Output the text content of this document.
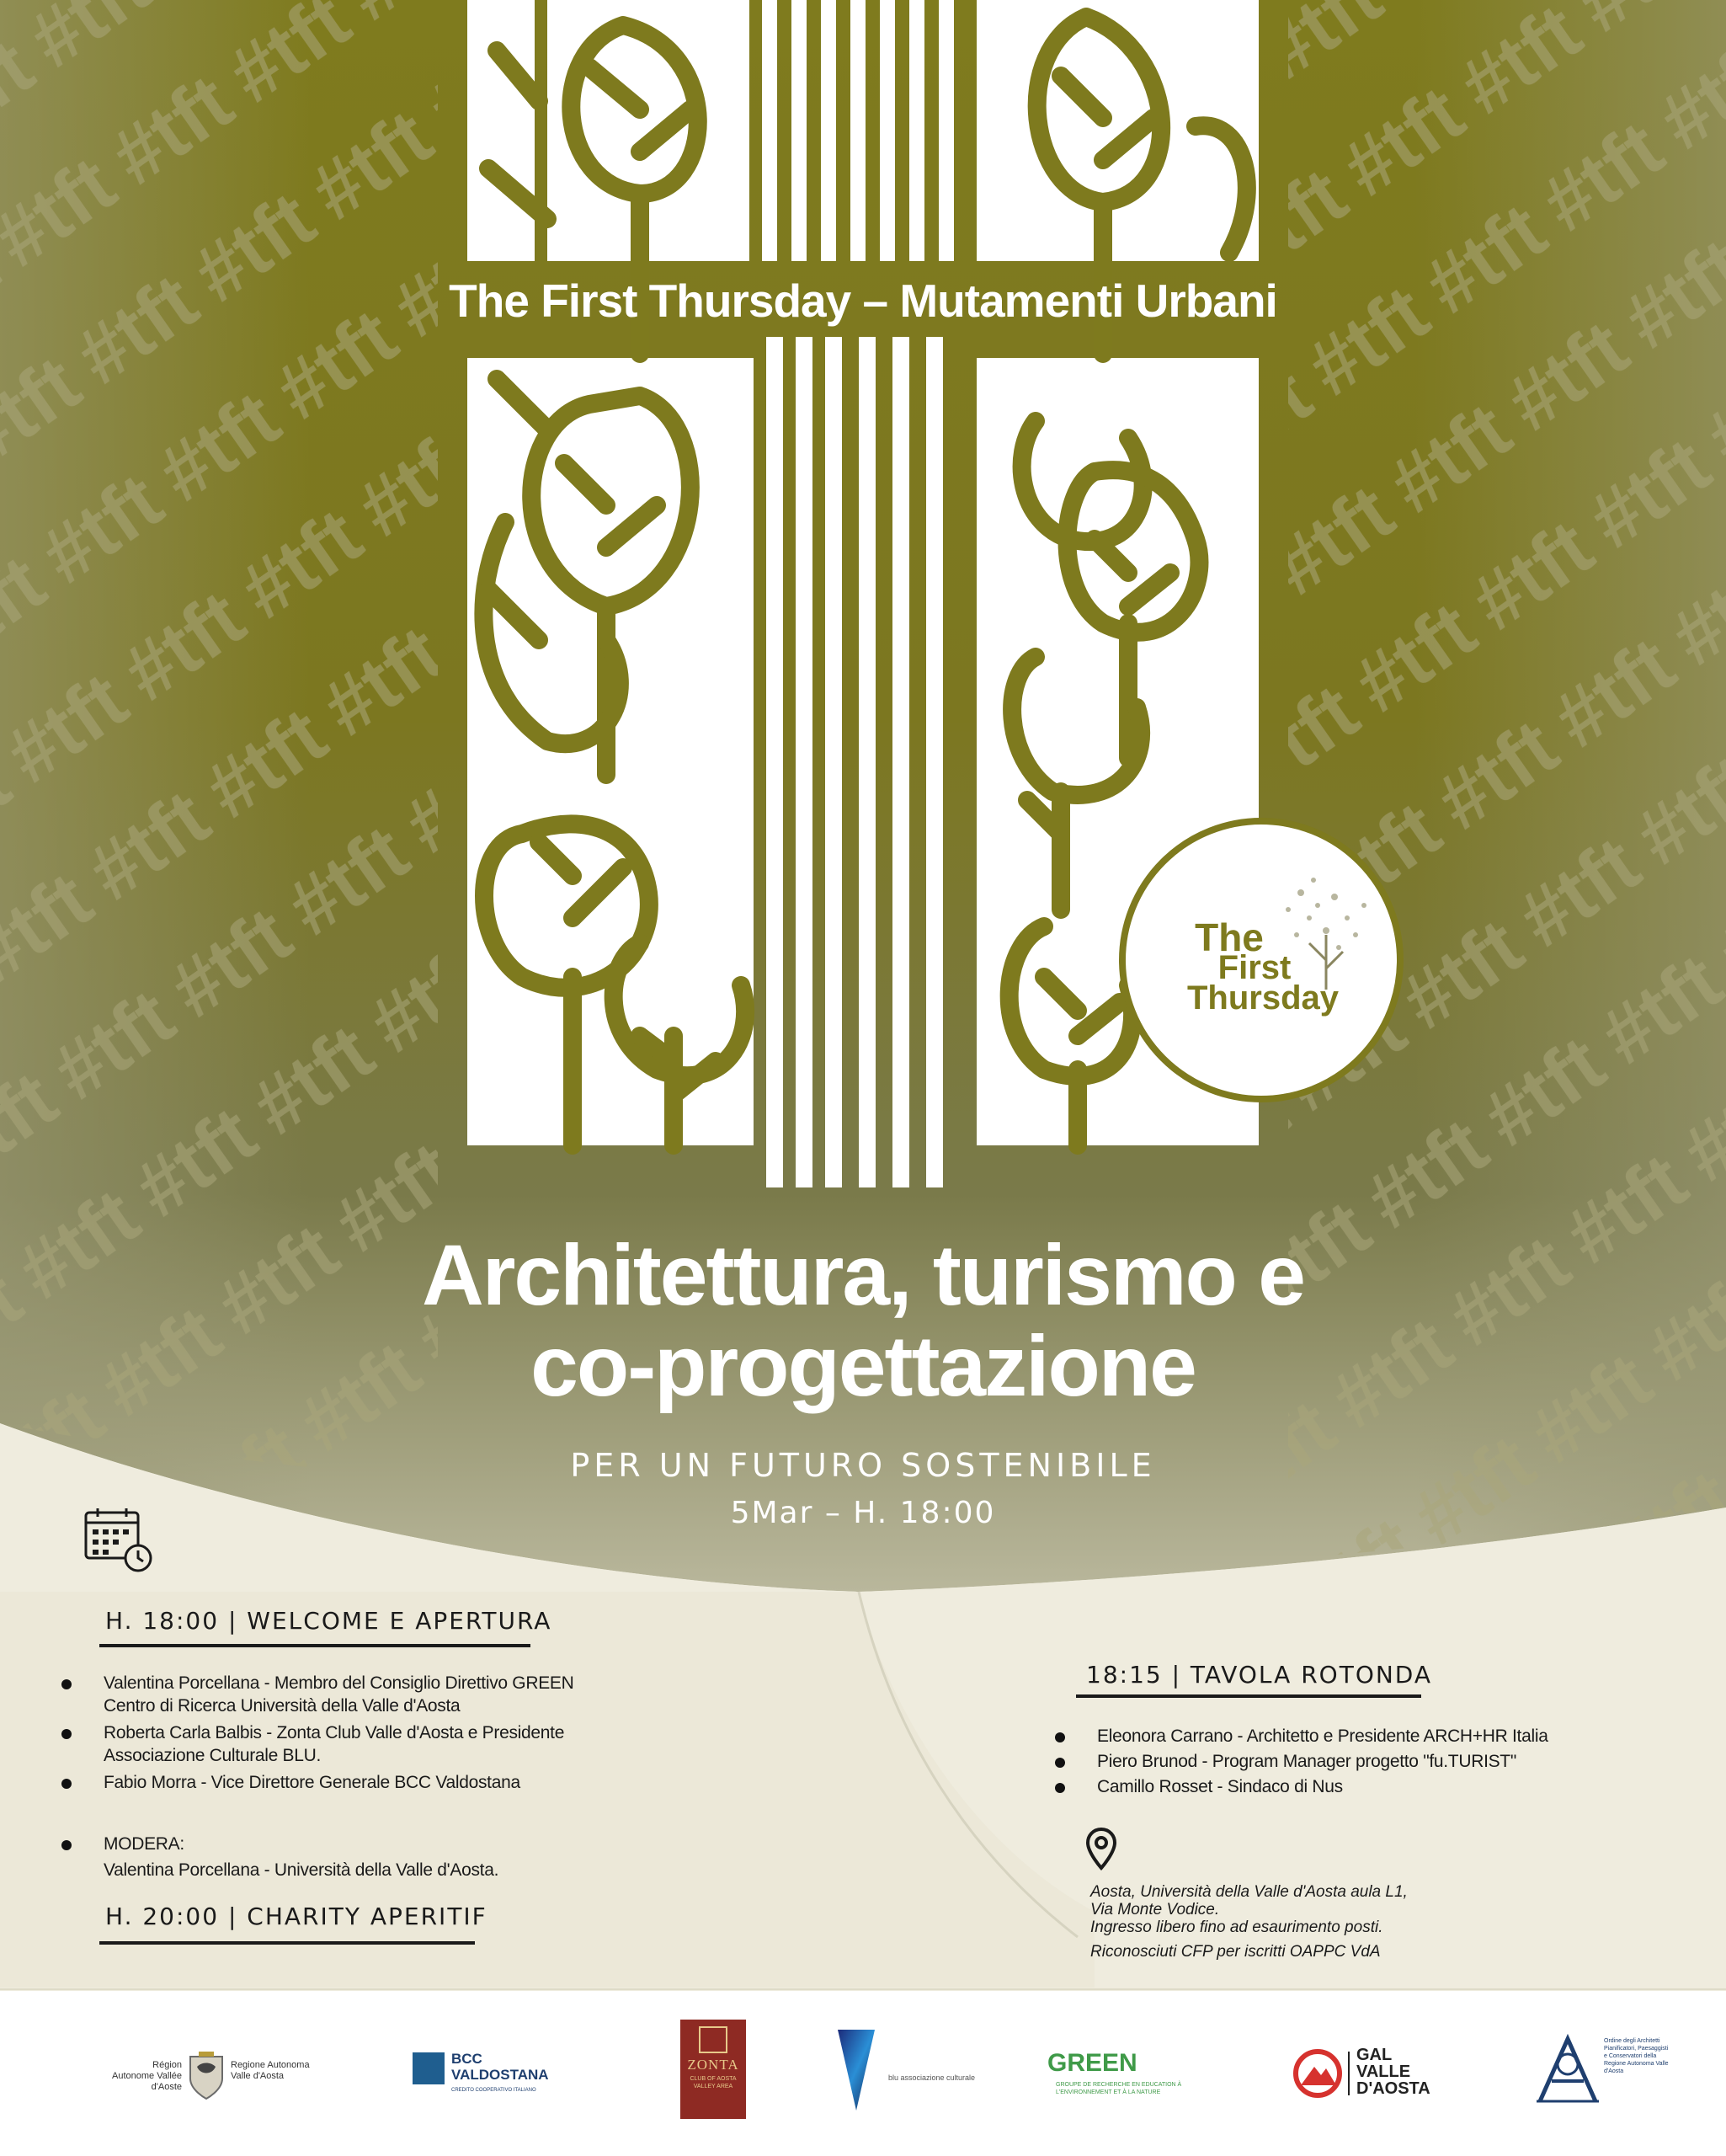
The First Thursday – Mutamenti Urbani
The
First
Thursday
Architettura, turismo e
co-progettazione
PER UN FUTURO SOSTENIBILE
5Mar – H. 18:00
H. 18:00 | WELCOME E APERTURA
Valentina Porcellana - Membro del Consiglio Direttivo GREEN Centro di Ricerca Università della Valle d'Aosta
Roberta Carla Balbis - Zonta Club Valle d'Aosta e Presidente Associazione Culturale BLU.
Fabio Morra - Vice Direttore Generale BCC Valdostana
MODERA:
Valentina Porcellana - Università della Valle d'Aosta.
H. 20:00 | CHARITY APERITIF
18:15 | TAVOLA ROTONDA
Eleonora Carrano - Architetto e Presidente ARCH+HR Italia
Piero Brunod - Program Manager progetto "fu.TURIST"
Camillo Rosset - Sindaco di Nus
Aosta, Università della Valle d'Aosta aula L1,
Via Monte Vodice.
Ingresso libero fino ad esaurimento posti.
Riconosciuti CFP per iscritti OAPPC VdA
Région Autonome Vallée d'Aoste
Regione Autonoma Valle d'Aosta
BCC
VALDOSTANA
CREDITO COOPERATIVO ITALIANO
ZONTA
CLUB OF AOSTA VALLEY AREA
blu associazione culturale
GREEN
GROUPE DE RECHERCHE EN EDUCATION À L'ENVIRONNEMENT ET À LA NATURE
GAL
VALLE
D'AOSTA
Ordine degli Architetti Pianificatori, Paesaggisti e Conservatori della Regione Autonoma Valle d'Aosta
